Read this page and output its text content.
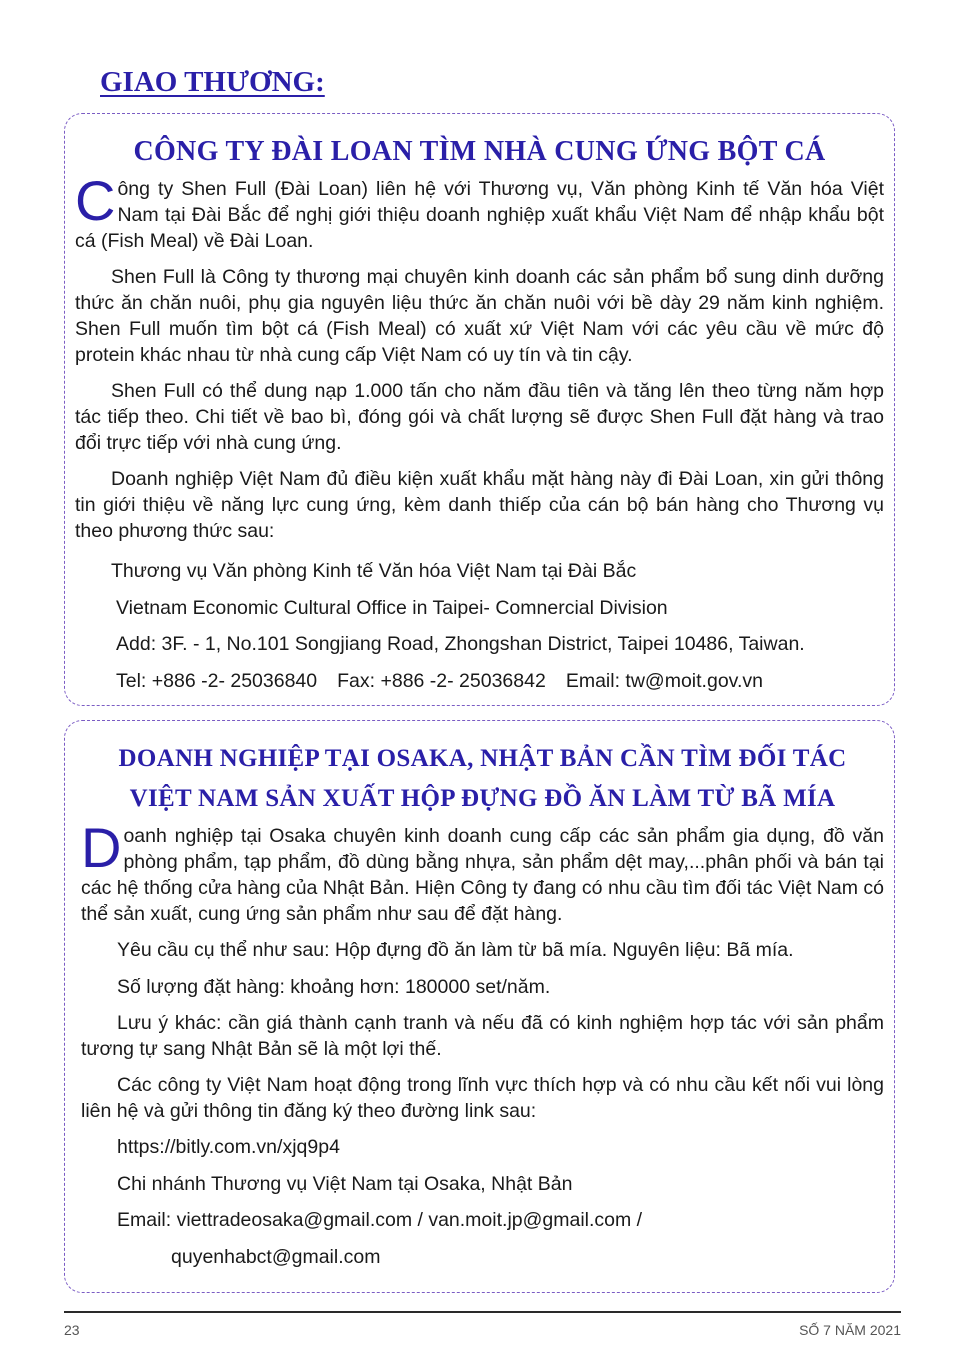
GIAO THƯƠNG:
CÔNG TY ĐÀI LOAN TÌM NHÀ CUNG ỨNG BỘT CÁ

Công ty Shen Full (Đài Loan) liên hệ với Thương vụ, Văn phòng Kinh tế Văn hóa Việt Nam tại Đài Bắc để nghị giới thiệu doanh nghiệp xuất khẩu Việt Nam để nhập khẩu bột cá (Fish Meal) về Đài Loan.

Shen Full là Công ty thương mại chuyên kinh doanh các sản phẩm bổ sung dinh dưỡng thức ăn chăn nuôi, phụ gia nguyên liệu thức ăn chăn nuôi với bề dày 29 năm kinh nghiệm. Shen Full muốn tìm bột cá (Fish Meal) có xuất xứ Việt Nam với các yêu cầu về mức độ protein khác nhau từ nhà cung cấp Việt Nam có uy tín và tin cậy.

Shen Full có thể dung nạp 1.000 tấn cho năm đầu tiên và tăng lên theo từng năm hợp tác tiếp theo. Chi tiết về bao bì, đóng gói và chất lượng sẽ được Shen Full đặt hàng và trao đổi trực tiếp với nhà cung ứng.

Doanh nghiệp Việt Nam đủ điều kiện xuất khẩu mặt hàng này đi Đài Loan, xin gửi thông tin giới thiệu về năng lực cung ứng, kèm danh thiếp của cán bộ bán hàng cho Thương vụ theo phương thức sau:

Thương vụ Văn phòng Kinh tế Văn hóa Việt Nam tại Đài Bắc
Vietnam Economic Cultural Office in Taipei- Comnercial Division
Add: 3F. - 1, No.101 Songjiang Road, Zhongshan District, Taipei 10486, Taiwan.
Tel: +886 -2- 25036840 Fax: +886 -2- 25036842 Email: tw@moit.gov.vn
DOANH NGHIỆP TẠI OSAKA, NHẬT BẢN CẦN TÌM ĐỐI TÁC
VIỆT NAM SẢN XUẤT HỘP ĐỰNG ĐỒ ĂN LÀM TỪ BÃ MÍA

Doanh nghiệp tại Osaka chuyên kinh doanh cung cấp các sản phẩm gia dụng, đồ văn phòng phẩm, tạp phẩm, đồ dùng bằng nhựa, sản phẩm dệt may,...phân phối và bán tại các hệ thống cửa hàng của Nhật Bản. Hiện Công ty đang có nhu cầu tìm đối tác Việt Nam có thể sản xuất, cung ứng sản phẩm như sau để đặt hàng.

Yêu cầu cụ thể như sau: Hộp đựng đồ ăn làm từ bã mía. Nguyên liệu: Bã mía.
Số lượng đặt hàng: khoảng hơn: 180000 set/năm.

Lưu ý khác: cần giá thành cạnh tranh và nếu đã có kinh nghiệm hợp tác với sản phẩm tương tự sang Nhật Bản sẽ là một lợi thế.

Các công ty Việt Nam hoạt động trong lĩnh vực thích hợp và có nhu cầu kết nối vui lòng liên hệ và gửi thông tin đăng ký theo đường link sau:

https://bitly.com.vn/xjq9p4
Chi nhánh Thương vụ Việt Nam tại Osaka, Nhật Bản
Email: viettradeosaka@gmail.com / van.moit.jp@gmail.com /
quyenhabct@gmail.com
23	SỐ 7 NĂM 2021
